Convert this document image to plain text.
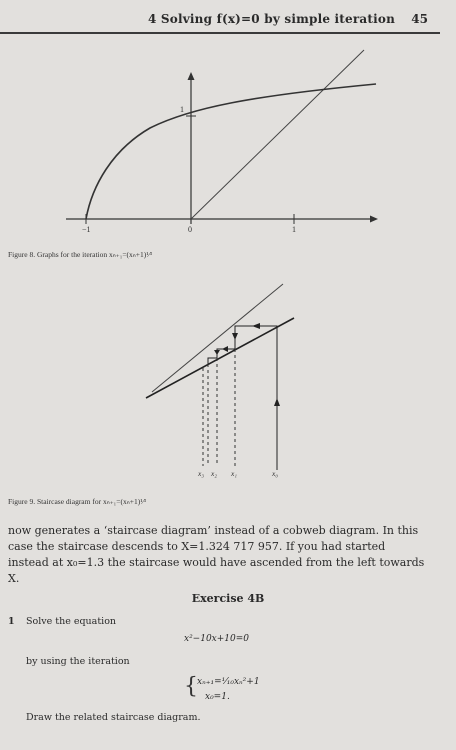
4 Solving f(x)=0 by simple iteration 45
−1	0	1
1
Figure 8. Graphs for the iteration xₙ₊₁=(xₙ+1)¹⁄³
x₃ x₂ x₁	x₀
Figure 9. Staircase diagram for xₙ₊₁=(xₙ+1)¹⁄³
now generates a ‘staircase diagram’ instead of a cobweb diagram. In this case the staircase descends to X=1.324 717 957. If you had started instead at x₀=1.3 the staircase would have ascended from the left towards X.
Exercise 4B
1 Solve the equation
x²−10x+10=0
by using the iteration
{ xₙ₊₁=¹⁄₁₀xₙ²+1
x₀=1.
Draw the related staircase diagram.
